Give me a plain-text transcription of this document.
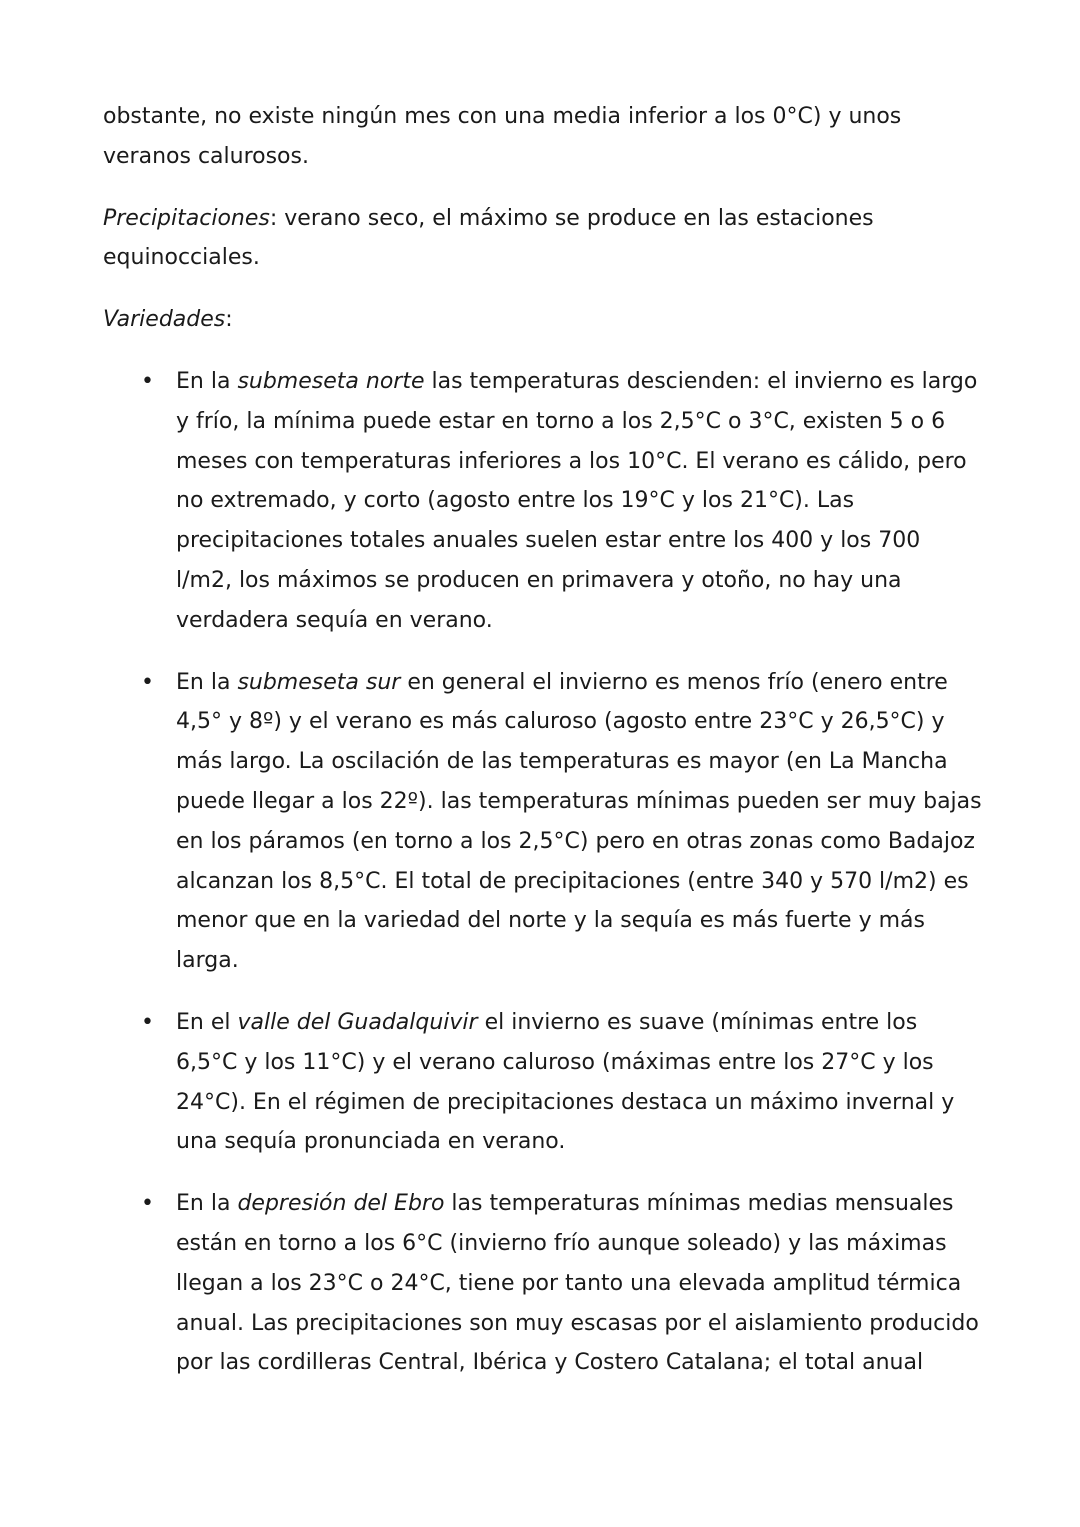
obstante, no existe ningún mes con una media inferior a los 0°C) y unos veranos calurosos.

Precipitaciones: verano seco, el máximo se produce en las estaciones equinocciales.

Variedades:

• En la submeseta norte las temperaturas descienden: el invierno es largo y frío, la mínima puede estar en torno a los 2,5°C o 3°C, existen 5 o 6 meses con temperaturas inferiores a los 10°C. El verano es cálido, pero no extremado, y corto (agosto entre los 19°C y los 21°C). Las precipitaciones totales anuales suelen estar entre los 400 y los 700 l/m2, los máximos se producen en primavera y otoño, no hay una verdadera sequía en verano.
• En la submeseta sur en general el invierno es menos frío (enero entre 4,5° y 8º) y el verano es más caluroso (agosto entre 23°C y 26,5°C) y más largo. La oscilación de las temperaturas es mayor (en La Mancha puede llegar a los 22º). las temperaturas mínimas pueden ser muy bajas en los páramos (en torno a los 2,5°C) pero en otras zonas como Badajoz alcanzan los 8,5°C. El total de precipitaciones (entre 340 y 570 l/m2) es menor que en la variedad del norte y la sequía es más fuerte y más larga.
• En el valle del Guadalquivir el invierno es suave (mínimas entre los 6,5°C y los 11°C) y el verano caluroso (máximas entre los 27°C y los 24°C). En el régimen de precipitaciones destaca un máximo invernal y una sequía pronunciada en verano.
• En la depresión del Ebro las temperaturas mínimas medias mensuales están en torno a los 6°C (invierno frío aunque soleado) y las máximas llegan a los 23°C o 24°C, tiene por tanto una elevada amplitud térmica anual. Las precipitaciones son muy escasas por el aislamiento producido por las cordilleras Central, Ibérica y Costero Catalana; el total anual
